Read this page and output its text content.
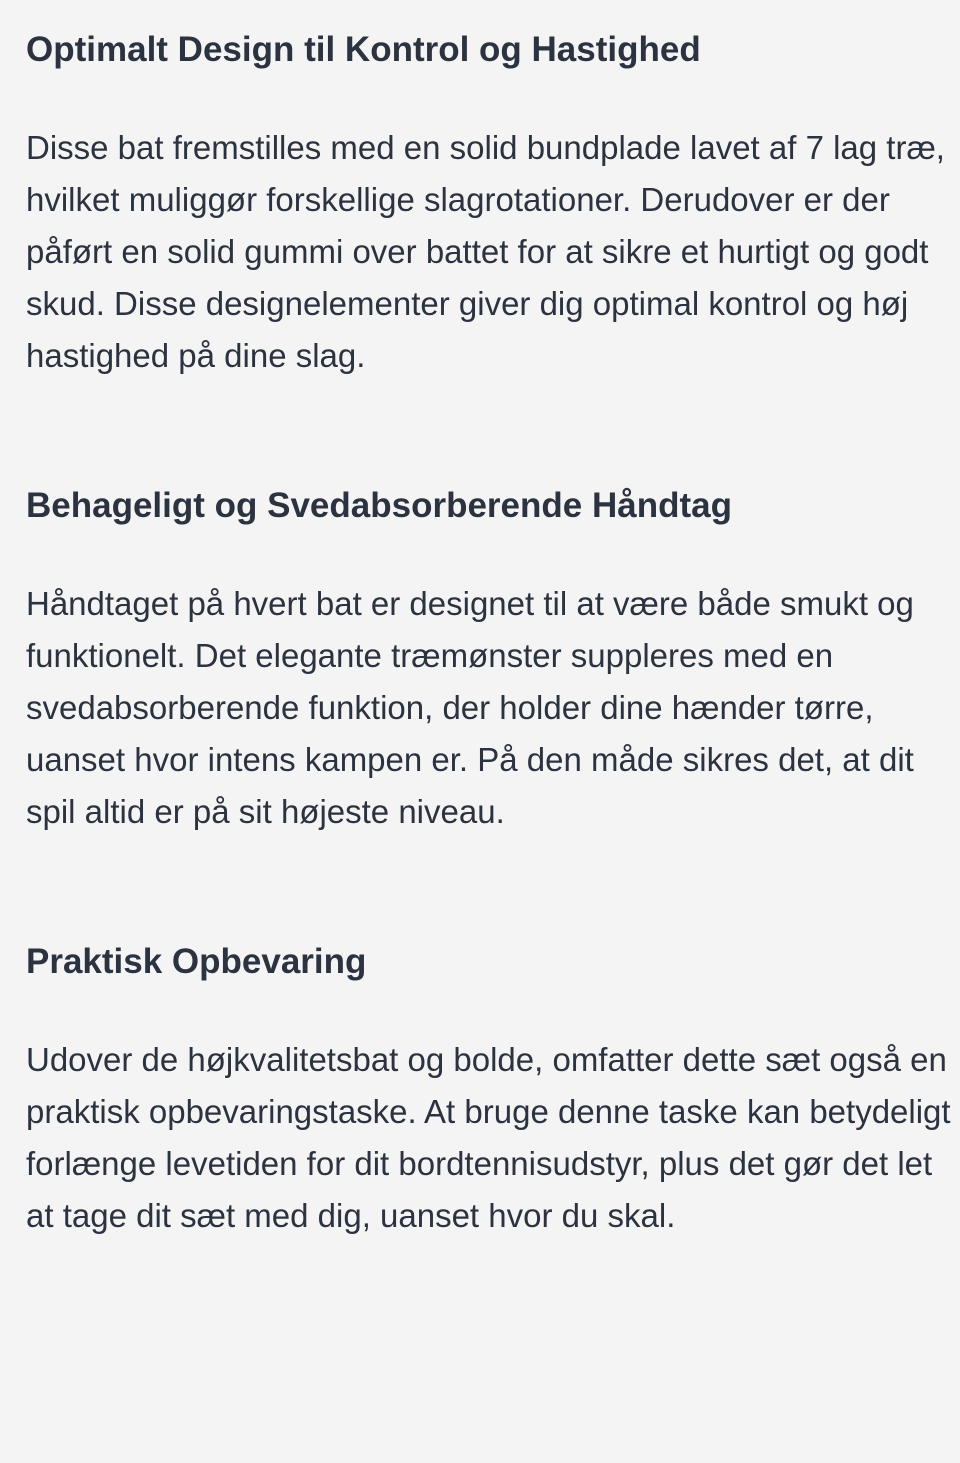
Optimalt Design til Kontrol og Hastighed

Disse bat fremstilles med en solid bundplade lavet af 7 lag træ, hvilket muliggør forskellige slagrotationer. Derudover er der påført en solid gummi over battet for at sikre et hurtigt og godt skud. Disse designelementer giver dig optimal kontrol og høj hastighed på dine slag.

Behageligt og Svedabsorberende Håndtag

Håndtaget på hvert bat er designet til at være både smukt og funktionelt. Det elegante træmønster suppleres med en svedabsorberende funktion, der holder dine hænder tørre, uanset hvor intens kampen er. På den måde sikres det, at dit spil altid er på sit højeste niveau.

Praktisk Opbevaring

Udover de højkvalitetsbat og bolde, omfatter dette sæt også en praktisk opbevaringstaske. At bruge denne taske kan betydeligt forlænge levetiden for dit bordtennisudstyr, plus det gør det let at tage dit sæt med dig, uanset hvor du skal.
